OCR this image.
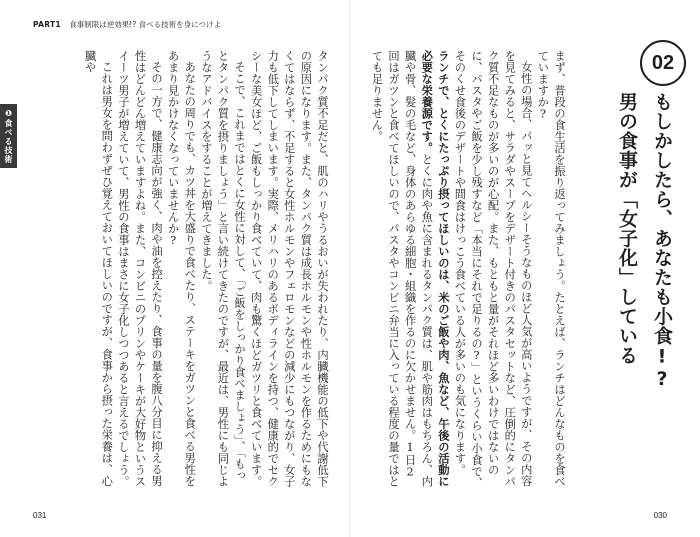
PART1 食事制限は逆効果!? 食べる技術を身につけよ
❶食べる技術	タンパク質不足だと、肌のハリやうるおいが失われたり、内臓機能の低下や代謝低下の原因になります。また、タンパク質は成長ホルモンや性ホルモンを作るためにもなくてはならず、不足すると女性ホルモンやフェロモンなどの減少にもつながり、女子力も低下してしまいます。実際、メリハリのあるボディラインを持つ、健康的でセクシーな美女ほど、ご飯もしっかり食べていて、肉も驚くほどガツリと食べています。

そこで、これまではとくに女性に対して、「ご飯をしっかり食べましょう」、「もっとタンパク質を摂りましょう」と言い続けてきたのですが、最近は、男性にも同じようなアドバイスをすることが増えてきました。

あなたの周りでも、カツ丼を大盛りで食べたり、ステーキをガツンと食べる男性をあまり見かけなくなっていませんか?

その一方で、健康志向が強く、肉や油を控えたり、食事の量を腹八分目に抑える男性はどんどん増えていますよね。また、コンビニのプリンやケーキが大好物というスイーツ男子が増えていて、男性の食事はまさに女子化しつつあると言えるでしょう。

これは男女を問わずぜひ覚えておいてほしいのですが、食事から摂った栄養は、心臓や	まず、普段の食生活を振り返ってみましょう。たとえば、ランチはどんなものを食べていますか?

女性の場合、パッと見てヘルシーそうなものほど人気が高いようですが、その内容を見てみると、サラダやスープをデザート付きのパスタセットなど、圧倒的にタンパク質不足なものが多いのが心配。また、もともと量がそれほど多いわけではないのに、パスタやご飯を少し残すなど「本当にそれで足りるの?」というくらい小食で、そのくせ食後のデザートや間食はけっこう食べている人が多いのも気になります。

ランチで、とくにたっぷり摂ってほしいのは、米のご飯や肉、魚など、午後の活動に必要な栄養源です。とくに肉や魚に含まれるタンパク質は、肌や筋肉はもちろん、内臓や骨、髪の毛など、身体のあらゆる細胞・組織を作るのに欠かせません。1日2回はガツンと食べてほしいので、パスタやコンビニ弁当に入っている程度の量ではとても足りません。	02
もしかしたら、あなたも小食!?
男の食事が「女子化」している
031	030
